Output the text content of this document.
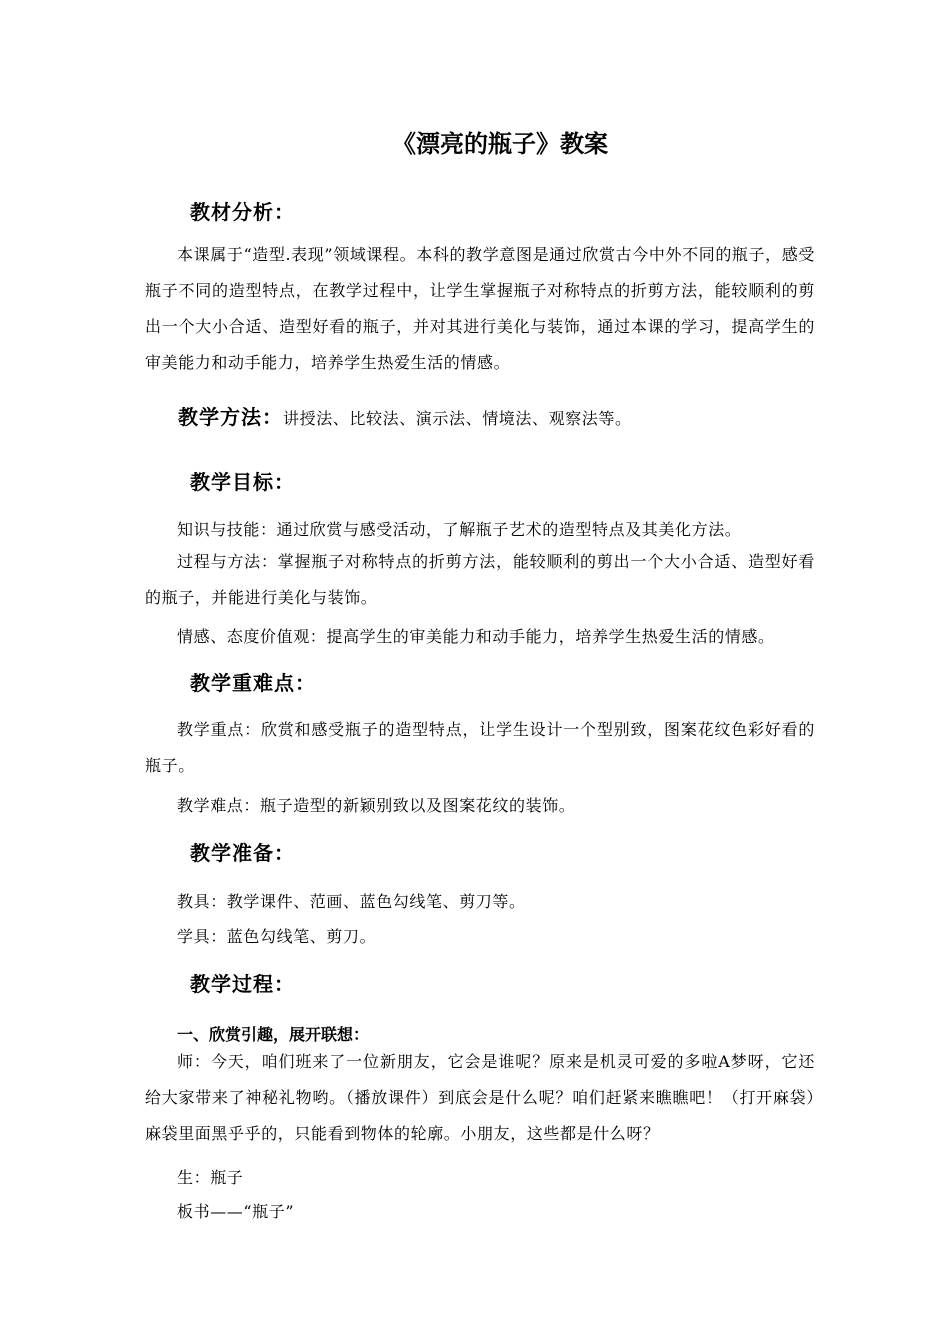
《漂亮的瓶子》教案
教材分析：
本课属于“造型.表现”领域课程。本科的教学意图是通过欣赏古今中外不同的瓶子，感受瓶子不同的造型特点，在教学过程中，让学生掌握瓶子对称特点的折剪方法，能较顺利的剪出一个大小合适、造型好看的瓶子，并对其进行美化与装饰，通过本课的学习，提高学生的审美能力和动手能力，培养学生热爱生活的情感。
教学方法：讲授法、比较法、演示法、情境法、观察法等。
教学目标：
知识与技能：通过欣赏与感受活动，了解瓶子艺术的造型特点及其美化方法。
过程与方法：掌握瓶子对称特点的折剪方法，能较顺利的剪出一个大小合适、造型好看的瓶子，并能进行美化与装饰。
情感、态度价值观：提高学生的审美能力和动手能力，培养学生热爱生活的情感。
教学重难点：
教学重点：欣赏和感受瓶子的造型特点，让学生设计一个型别致，图案花纹色彩好看的瓶子。
教学难点：瓶子造型的新颖别致以及图案花纹的装饰。
教学准备：
教具：教学课件、范画、蓝色勾线笔、剪刀等。
学具：蓝色勾线笔、剪刀。
教学过程：
一、欣赏引趣，展开联想：
师：今天，咱们班来了一位新朋友，它会是谁呢？原来是机灵可爱的多啦A梦呀，它还给大家带来了神秘礼物哟。（播放课件）到底会是什么呢？咱们赶紧来瞧瞧吧！（打开麻袋）麻袋里面黑乎乎的，只能看到物体的轮廓。小朋友，这些都是什么呀？
生：瓶子
板书——“瓶子”
